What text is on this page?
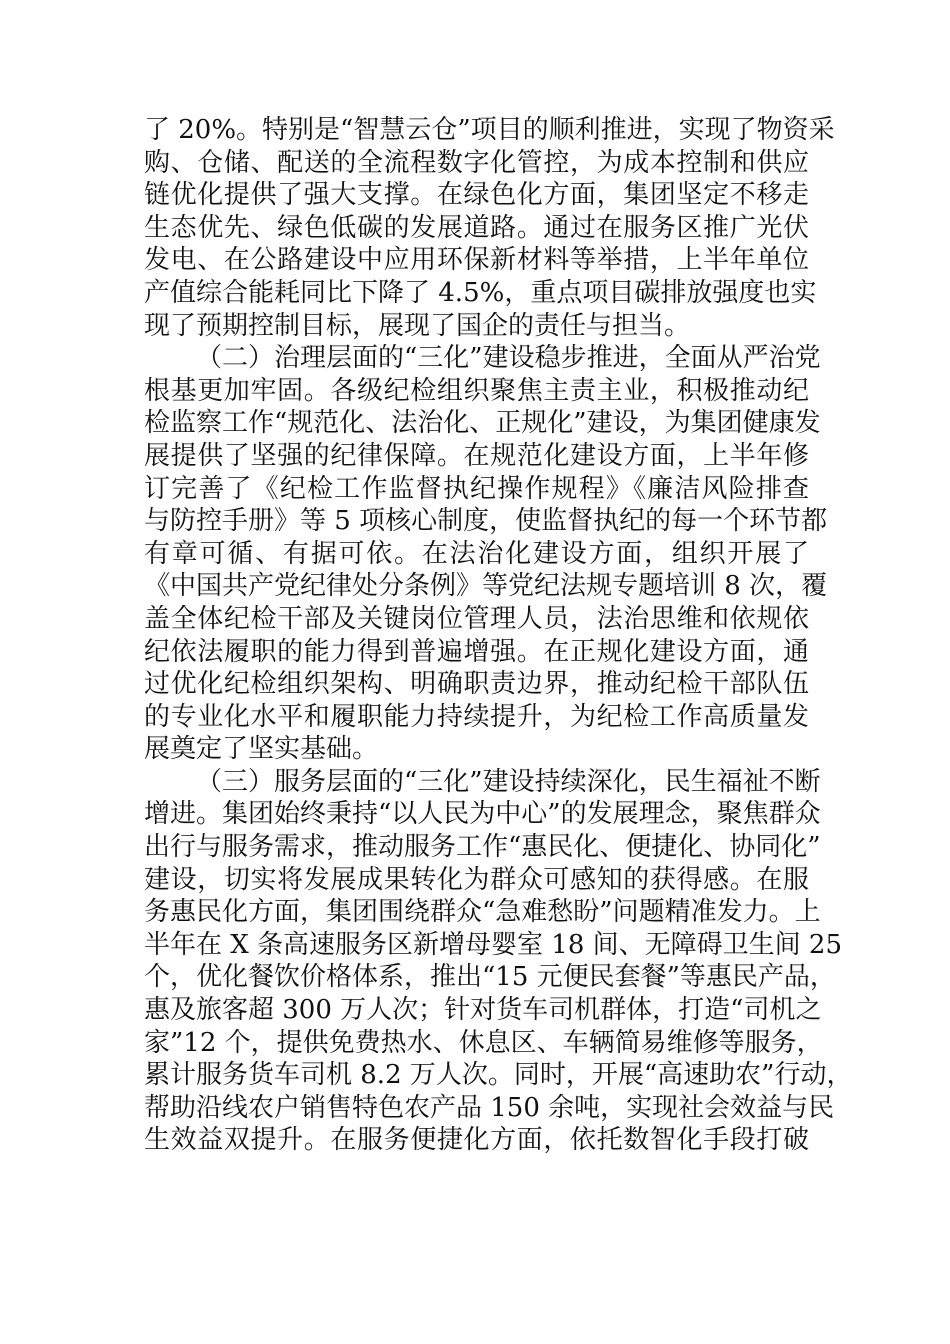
了 20%。特别是“智慧云仓”项目的顺利推进，实现了物资采
购、仓储、配送的全流程数字化管控，为成本控制和供应
链优化提供了强大支撑。在绿色化方面，集团坚定不移走
生态优先、绿色低碳的发展道路。通过在服务区推广光伏
发电、在公路建设中应用环保新材料等举措，上半年单位
产值综合能耗同比下降了 4.5%，重点项目碳排放强度也实
现了预期控制目标，展现了国企的责任与担当。
（二）治理层面的“三化”建设稳步推进，全面从严治党
根基更加牢固。各级纪检组织聚焦主责主业，积极推动纪
检监察工作“规范化、法治化、正规化”建设，为集团健康发
展提供了坚强的纪律保障。在规范化建设方面，上半年修
订完善了《纪检工作监督执纪操作规程》《廉洁风险排查
与防控手册》等 5 项核心制度，使监督执纪的每一个环节都
有章可循、有据可依。在法治化建设方面，组织开展了
《中国共产党纪律处分条例》等党纪法规专题培训 8 次，覆
盖全体纪检干部及关键岗位管理人员，法治思维和依规依
纪依法履职的能力得到普遍增强。在正规化建设方面，通
过优化纪检组织架构、明确职责边界，推动纪检干部队伍
的专业化水平和履职能力持续提升，为纪检工作高质量发
展奠定了坚实基础。
（三）服务层面的“三化”建设持续深化，民生福祉不断
增进。集团始终秉持“以人民为中心”的发展理念，聚焦群众
出行与服务需求，推动服务工作“惠民化、便捷化、协同化”
建设，切实将发展成果转化为群众可感知的获得感。在服
务惠民化方面，集团围绕群众“急难愁盼”问题精准发力。上
半年在 X 条高速服务区新增母婴室 18 间、无障碍卫生间 25
个，优化餐饮价格体系，推出“15 元便民套餐”等惠民产品，
惠及旅客超 300 万人次；针对货车司机群体，打造“司机之
家”12 个，提供免费热水、休息区、车辆简易维修等服务，
累计服务货车司机 8.2 万人次。同时，开展“高速助农”行动，
帮助沿线农户销售特色农产品 150 余吨，实现社会效益与民
生效益双提升。在服务便捷化方面，依托数智化手段打破
